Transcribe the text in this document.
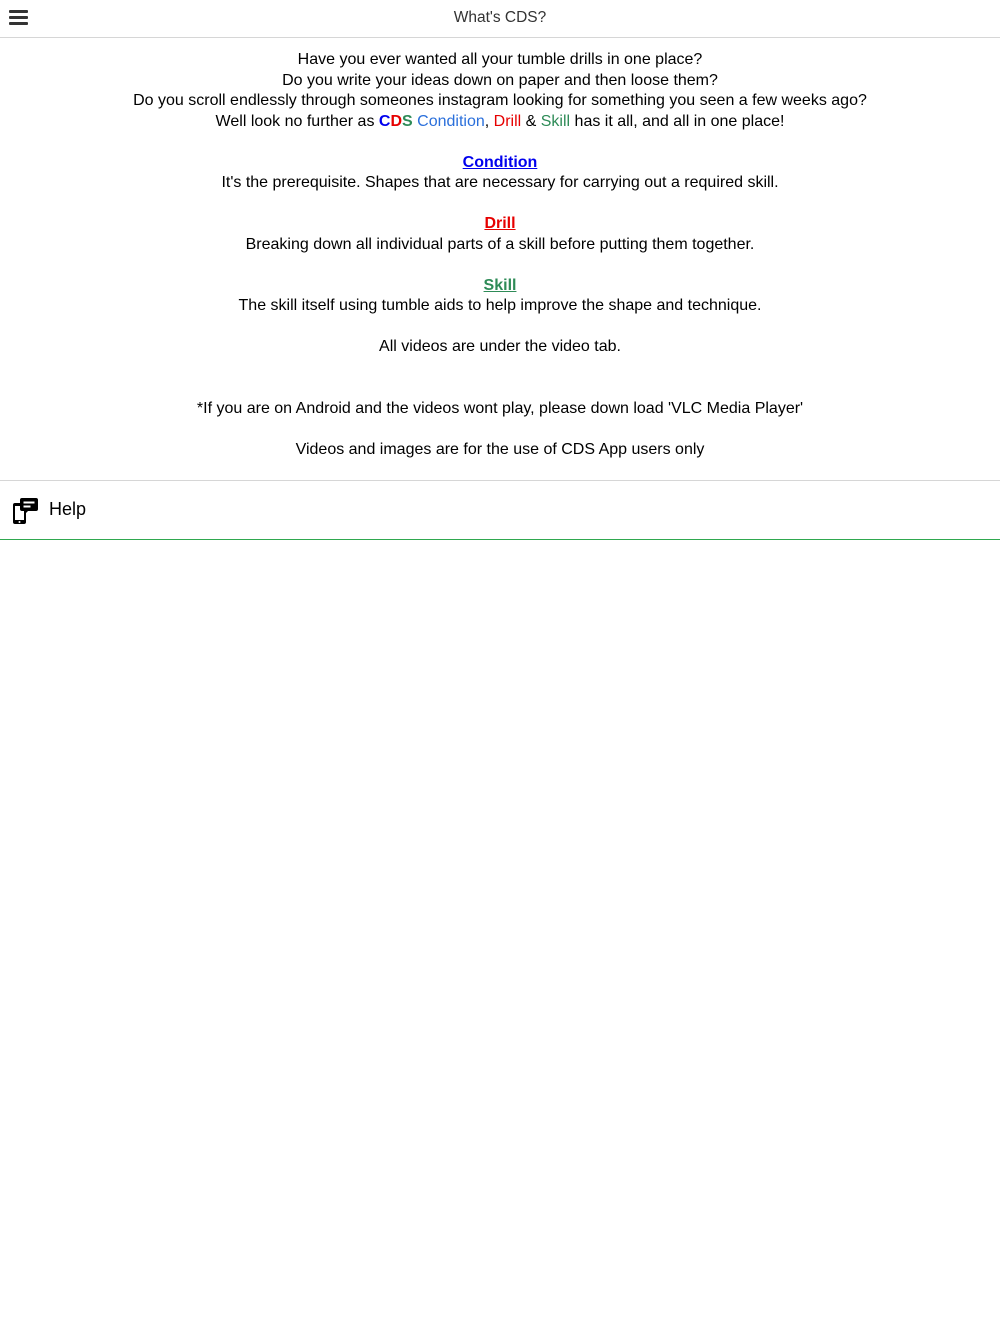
What's CDS?

Have you ever wanted all your tumble drills in one place?

Do you write your ideas down on paper and then loose them?

Do you scroll endlessly through someones instagram looking for something you seen a few weeks ago?

Well look no further as CDS Condition, Drill & Skill has it all, and all in one place!

Condition

It's the prerequisite. Shapes that are necessary for carrying out a required skill.

Drill

Breaking down all individual parts of a skill before putting them together.

Skill

The skill itself using tumble aids to help improve the shape and technique.

All videos are under the video tab.

*If you are on Android and the videos wont play, please down load 'VLC Media Player'

Videos and images are for the use of CDS App users only

Help
